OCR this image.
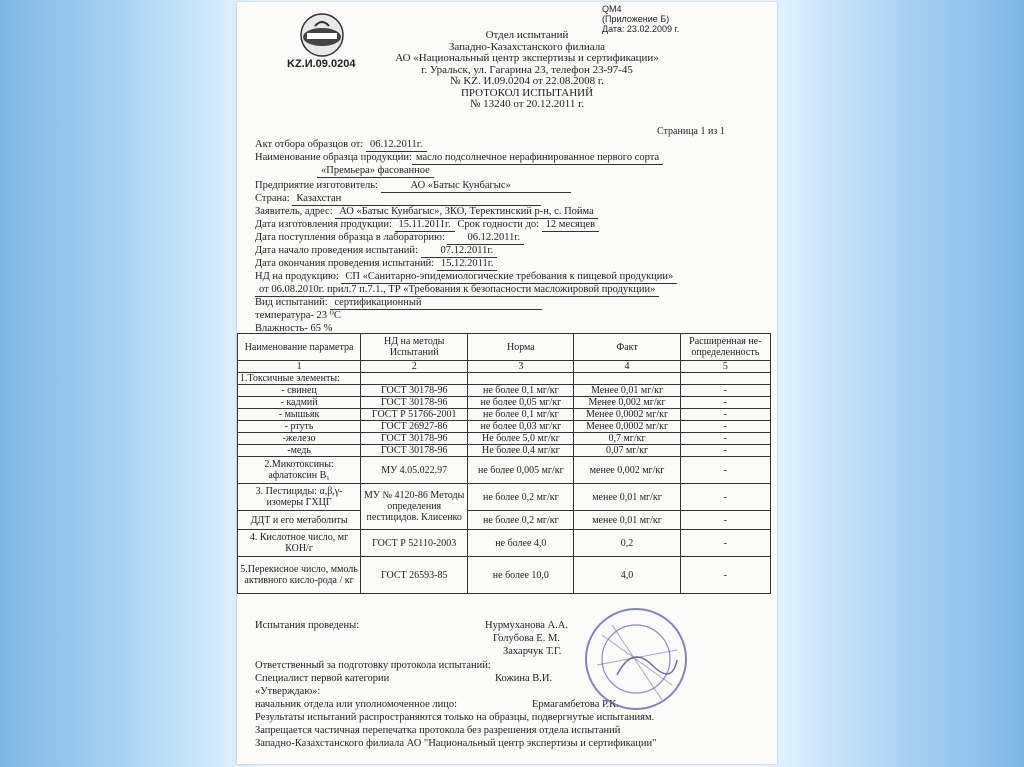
QМ4
(Приложение Б)
Дата: 23.02.2009 г.
KZ.И.09.0204
Отдел испытаний
Западно-Казахстанского филиала
АО «Национальный центр экспертизы и сертификации»
г. Уральск, ул. Гагарина 23, телефон 23-97-45
№ KZ. И.09.0204 от 22.08.2008 г.
ПРОТОКОЛ ИСПЫТАНИЙ
№ 13240 от 20.12.2011 г.
Страница 1 из 1
Акт отбора образцов от: 06.12.2011г.
Наименование образца продукции: масло подсолнечное нерафинированное первого сорта
«Премьера» фасованное
Предприятие изготовитель:	АО «Батыс Кунбагыс»
Страна: Казахстан
Заявитель, адрес: АО «Батыс Кунбагыс», ЗКО, Теректинский р-н, с. Пойма
Дата изготовления продукции: 15.11.2011г. Срок годности до: 12 месяцев
Дата поступления образца в лабораторию: 06.12.2011г.
Дата начало проведения испытаний: 07.12.2011г.
Дата окончания проведения испытаний: 15.12.2011г.
НД на продукцию: СП «Санитарно-эпидемиологические требования к пищевой продукции»
от 06.08.2010г. прил.7 п.7.1., ТР «Требования к безопасности масложировой продукции»
Вид испытаний: сертификационный
температура- 23 ⁰С
Влажность- 65 %
Наименование параметра	НД на методы Испытаний	Норма	Факт	Расширенная не-определенность
1	2	3	4	5
1.Токсичные элементы:				
- свинец	ГОСТ 30178-96	не более 0,1 мг/кг	Менее 0,01 мг/кг	-
- кадмий	ГОСТ 30178-96	не более 0,05 мг/кг	Менее 0,002 мг/кг	-
- мышьяк	ГОСТ Р 51766-2001	не более 0,1 мг/кг	Менее 0,0002 мг/кг	-
- ртуть	ГОСТ 26927-86	не более 0,03 мг/кг	Менее 0,0002 мг/кг	-
-железо	ГОСТ 30178-96	Не более 5,0 мг/кг	0,7 мг/кг	-
-медь	ГОСТ 30178-96	Не более 0,4 мг/кг	0,07 мг/кг	-
2.Микотоксины: афлатоксин B₁	МУ 4.05.022.97	не более 0,005 мг/кг	менее 0,002 мг/кг	-
3. Пестициды: α,β,γ- изомеры ГХЦГ	МУ № 4120-86 Методы определения пестицидов. Клисенко	не более 0,2 мг/кг	менее 0,01 мг/кг	-
ДДТ и его метаболиты		не более 0,2 мг/кг	менее 0,01 мг/кг	-
4. Кислотное число, мг КОН/г	ГОСТ Р 52110-2003	не более 4,0	0,2	-
5.Перекисное число, ммоль активного кисло-рода / кг	ГОСТ 26593-85	не более 10,0	4,0	-
Испытания проведены:	Нурмуханова А.А.
Голубова Е. М.
Захарчук Т.Г.
Ответственный за подготовку протокола испытаний:
Специалист первой категории	Кожина В.И.
«Утверждаю»:
начальник отдела или уполномоченное лицо:	Ермагамбетова Р.К.
Результаты испытаний распространяются только на образцы, подвергнутые испытаниям.
Запрещается частичная перепечатка протокола без разрешения отдела испытаний
Западно-Казахстанского филиала АО "Национальный центр экспертизы и сертификации"
